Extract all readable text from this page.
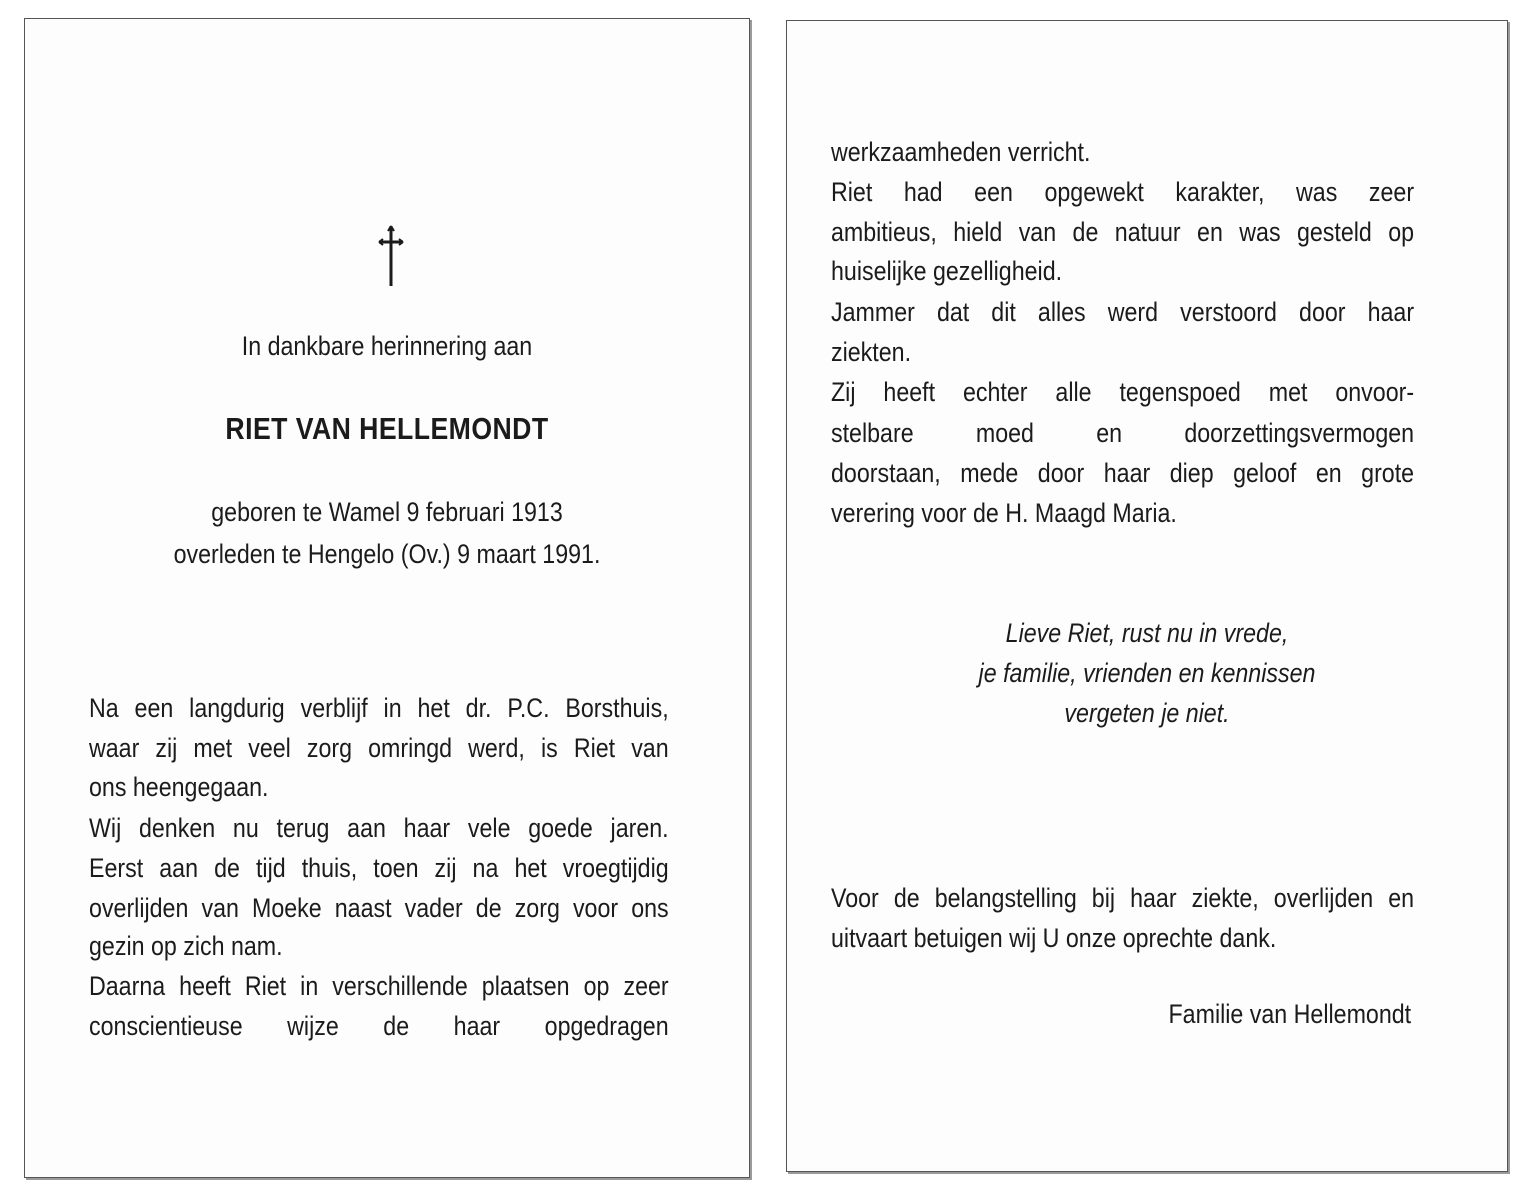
In dankbare herinnering aan
RIET VAN HELLEMONDT
geboren te Wamel 9 februari 1913
overleden te Hengelo (Ov.) 9 maart 1991.
Na een langdurig verblijf in het dr. P.C. Borsthuis,
waar zij met veel zorg omringd werd, is Riet van
ons heengegaan.
Wij denken nu terug aan haar vele goede jaren.
Eerst aan de tijd thuis, toen zij na het vroegtijdig
overlijden van Moeke naast vader de zorg voor ons
gezin op zich nam.
Daarna heeft Riet in verschillende plaatsen op zeer
conscientieuse wijze de haar opgedragen
werkzaamheden verricht.
Riet had een opgewekt karakter, was zeer
ambitieus, hield van de natuur en was gesteld op
huiselijke gezelligheid.
Jammer dat dit alles werd verstoord door haar
ziekten.
Zij heeft echter alle tegenspoed met onvoor-
stelbare moed en doorzettingsvermogen
doorstaan, mede door haar diep geloof en grote
verering voor de H. Maagd Maria.
Lieve Riet, rust nu in vrede,
je familie, vrienden en kennissen
vergeten je niet.
Voor de belangstelling bij haar ziekte, overlijden en
uitvaart betuigen wij U onze oprechte dank.
Familie van Hellemondt
